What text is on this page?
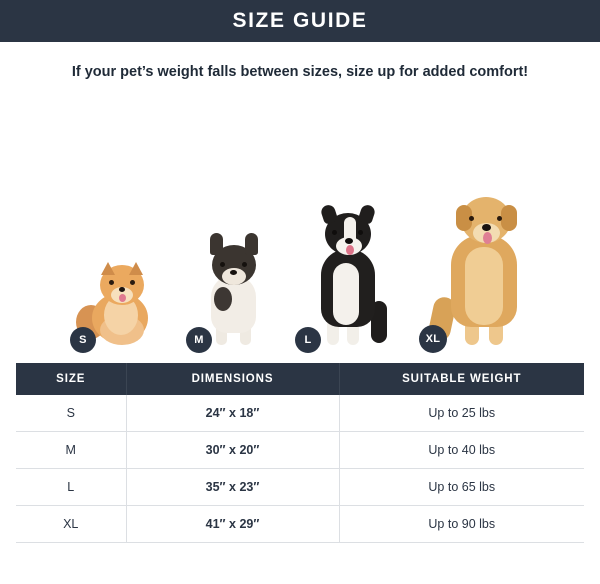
SIZE GUIDE
If your pet’s weight falls between sizes, size up for added comfort!
S	M	L	XL
SIZE	DIMENSIONS	SUITABLE WEIGHT
S	24″ x 18″	Up to 25 lbs
M	30″ x 20″	Up to 40 lbs
L	35″ x 23″	Up to 65 lbs
XL	41″ x 29″	Up to 90 lbs
